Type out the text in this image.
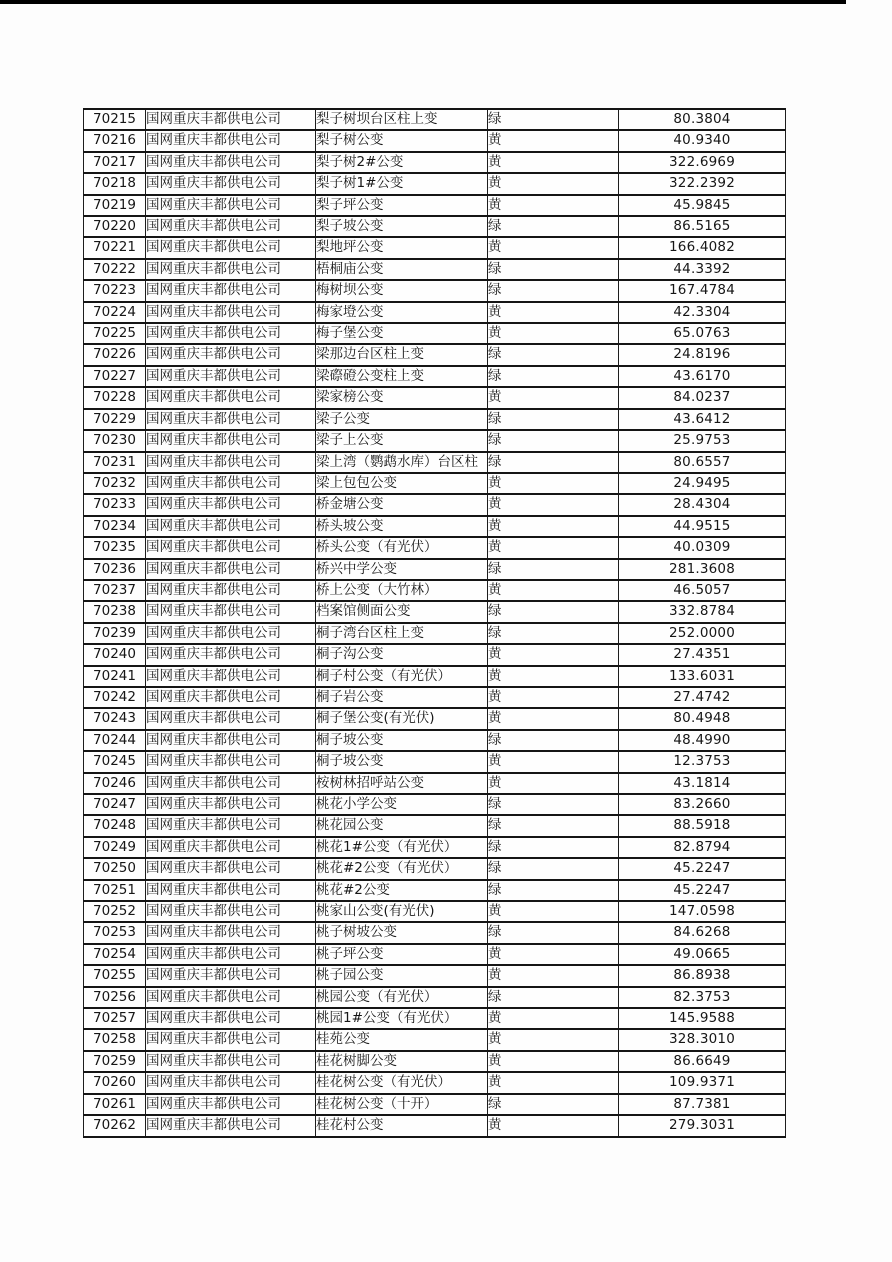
70215	国网重庆丰都供电公司	梨子树坝台区柱上变	绿	80.3804
70216	国网重庆丰都供电公司	梨子树公变	黄	40.9340
70217	国网重庆丰都供电公司	梨子树2#公变	黄	322.6969
70218	国网重庆丰都供电公司	梨子树1#公变	黄	322.2392
70219	国网重庆丰都供电公司	梨子坪公变	黄	45.9845
70220	国网重庆丰都供电公司	梨子坡公变	绿	86.5165
70221	国网重庆丰都供电公司	梨地坪公变	黄	166.4082
70222	国网重庆丰都供电公司	梧桐庙公变	绿	44.3392
70223	国网重庆丰都供电公司	梅树坝公变	绿	167.4784
70224	国网重庆丰都供电公司	梅家墱公变	黄	42.3304
70225	国网重庆丰都供电公司	梅子堡公变	黄	65.0763
70226	国网重庆丰都供电公司	梁那边台区柱上变	绿	24.8196
70227	国网重庆丰都供电公司	梁磜磴公变柱上变	绿	43.6170
70228	国网重庆丰都供电公司	梁家榜公变	黄	84.0237
70229	国网重庆丰都供电公司	梁子公变	绿	43.6412
70230	国网重庆丰都供电公司	梁子上公变	绿	25.9753
70231	国网重庆丰都供电公司	梁上湾（鹦鹉水库）台区柱	绿	80.6557
70232	国网重庆丰都供电公司	梁上包包公变	黄	24.9495
70233	国网重庆丰都供电公司	桥金塘公变	黄	28.4304
70234	国网重庆丰都供电公司	桥头坡公变	黄	44.9515
70235	国网重庆丰都供电公司	桥头公变（有光伏）	黄	40.0309
70236	国网重庆丰都供电公司	桥兴中学公变	绿	281.3608
70237	国网重庆丰都供电公司	桥上公变（大竹林）	黄	46.5057
70238	国网重庆丰都供电公司	档案馆侧面公变	绿	332.8784
70239	国网重庆丰都供电公司	桐子湾台区柱上变	绿	252.0000
70240	国网重庆丰都供电公司	桐子沟公变	黄	27.4351
70241	国网重庆丰都供电公司	桐子村公变（有光伏）	黄	133.6031
70242	国网重庆丰都供电公司	桐子岩公变	黄	27.4742
70243	国网重庆丰都供电公司	桐子堡公变(有光伏)	黄	80.4948
70244	国网重庆丰都供电公司	桐子坡公变	绿	48.4990
70245	国网重庆丰都供电公司	桐子坡公变	黄	12.3753
70246	国网重庆丰都供电公司	桉树林招呼站公变	黄	43.1814
70247	国网重庆丰都供电公司	桃花小学公变	绿	83.2660
70248	国网重庆丰都供电公司	桃花园公变	绿	88.5918
70249	国网重庆丰都供电公司	桃花1#公变（有光伏）	绿	82.8794
70250	国网重庆丰都供电公司	桃花#2公变（有光伏）	绿	45.2247
70251	国网重庆丰都供电公司	桃花#2公变	绿	45.2247
70252	国网重庆丰都供电公司	桃家山公变(有光伏)	黄	147.0598
70253	国网重庆丰都供电公司	桃子树坡公变	绿	84.6268
70254	国网重庆丰都供电公司	桃子坪公变	黄	49.0665
70255	国网重庆丰都供电公司	桃子园公变	黄	86.8938
70256	国网重庆丰都供电公司	桃园公变（有光伏）	绿	82.3753
70257	国网重庆丰都供电公司	桃园1#公变（有光伏）	黄	145.9588
70258	国网重庆丰都供电公司	桂苑公变	黄	328.3010
70259	国网重庆丰都供电公司	桂花树脚公变	黄	86.6649
70260	国网重庆丰都供电公司	桂花树公变（有光伏）	黄	109.9371
70261	国网重庆丰都供电公司	桂花树公变（十开）	绿	87.7381
70262	国网重庆丰都供电公司	桂花村公变	黄	279.3031
